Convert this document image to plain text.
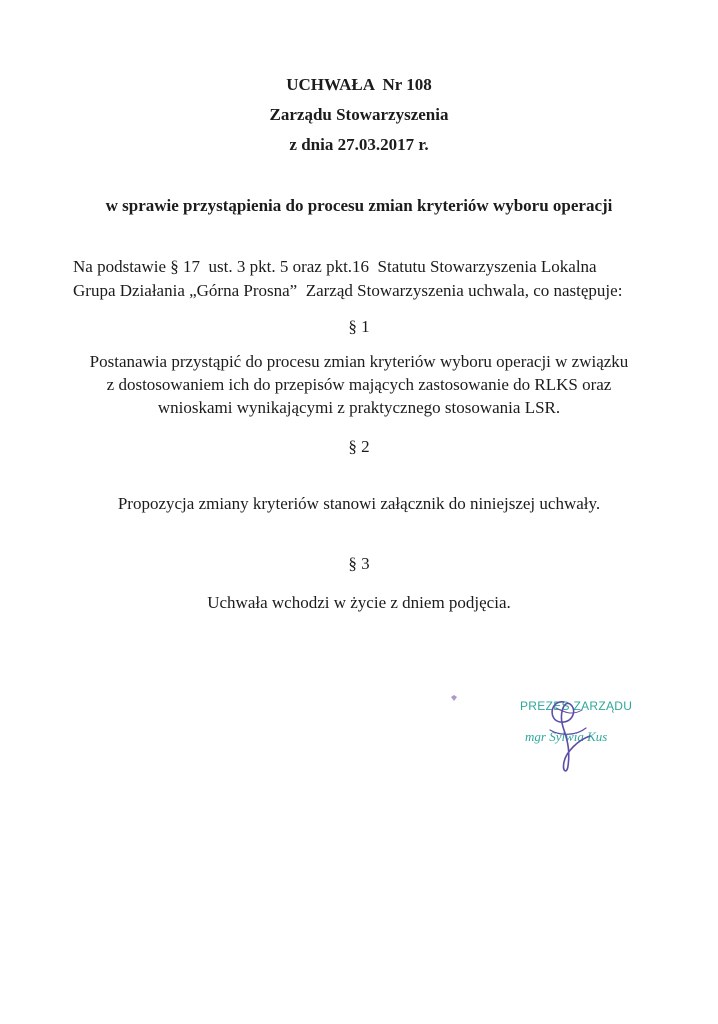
UCHWAŁA  Nr 108
Zarządu Stowarzyszenia
z dnia 27.03.2017 r.
w sprawie przystąpienia do procesu zmian kryteriów wyboru operacji
Na podstawie § 17  ust. 3 pkt. 5 oraz pkt.16  Statutu Stowarzyszenia Lokalna
Grupa Działania „Górna Prosna”  Zarząd Stowarzyszenia uchwala, co następuje:
§ 1
Postanawia przystąpić do procesu zmian kryteriów wyboru operacji w związku
z dostosowaniem ich do przepisów mających zastosowanie do RLKS oraz
wnioskami wynikającymi z praktycznego stosowania LSR.
§ 2
Propozycja zmiany kryteriów stanowi załącznik do niniejszej uchwały.
§ 3
Uchwała wchodzi w życie z dniem podjęcia.
PREZES ZARZĄDU
mgr Sylwia Kus
